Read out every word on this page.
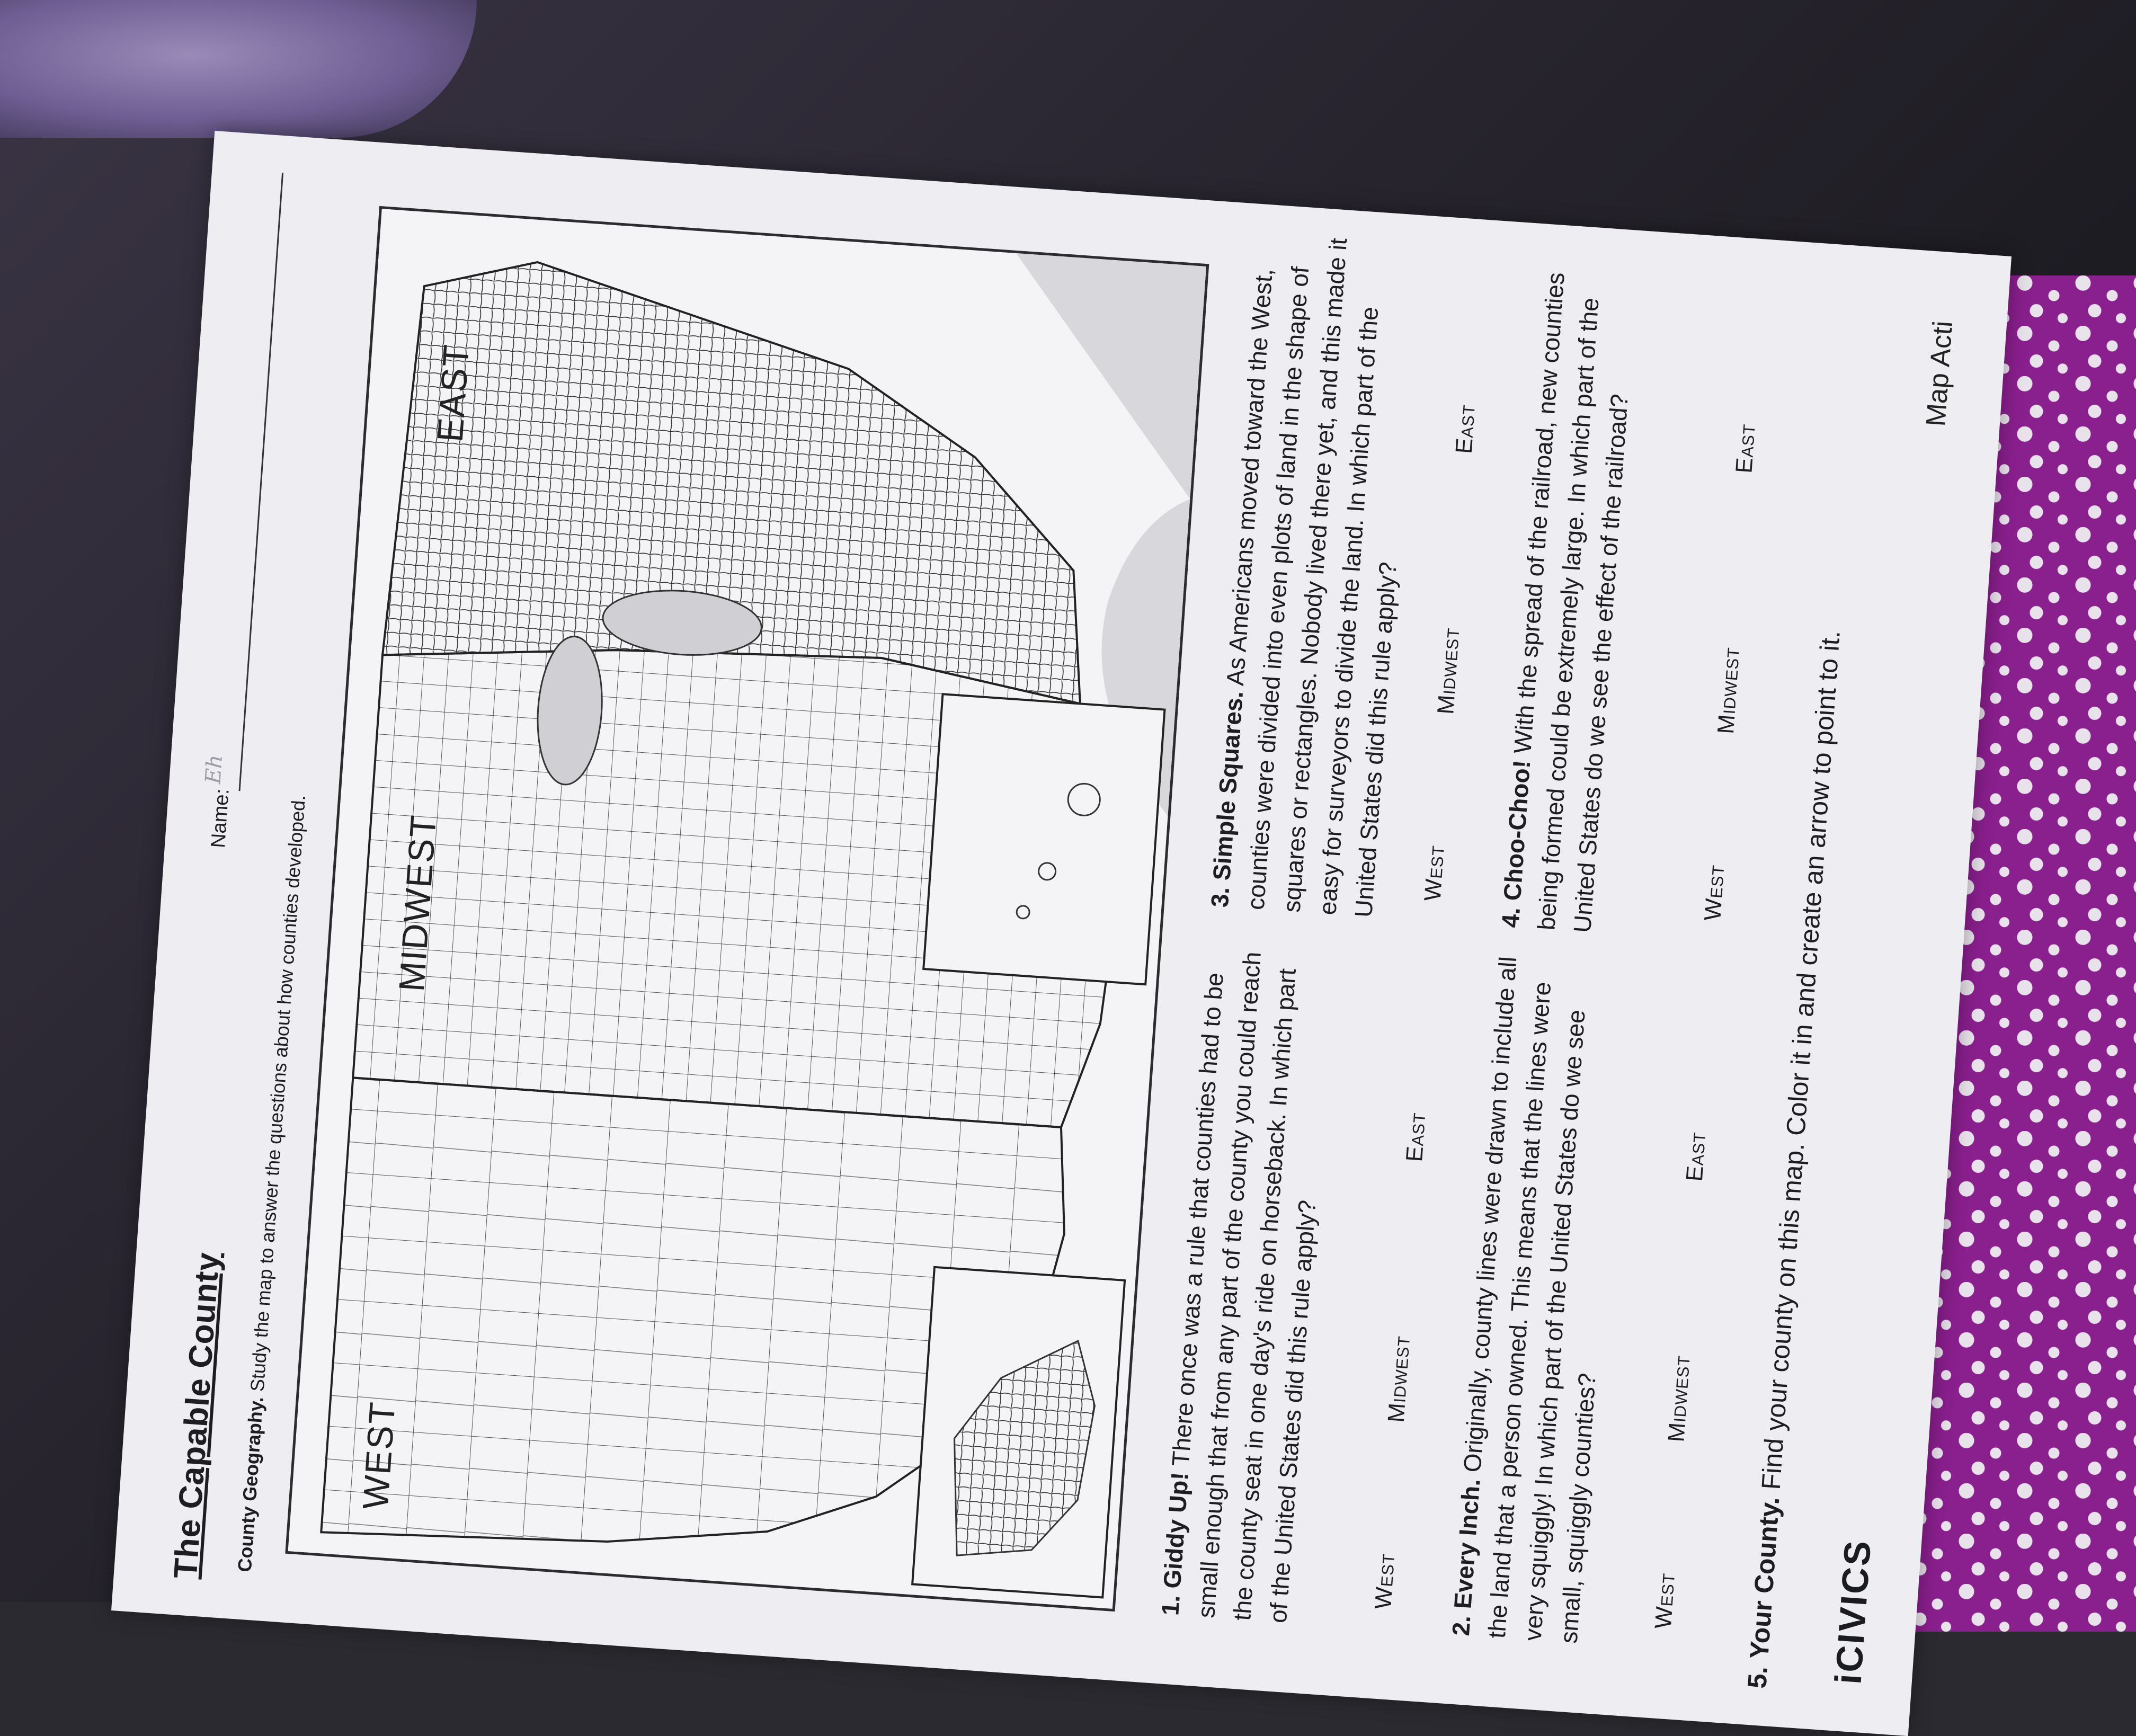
The Capable County
Name:
Eh
County Geography. Study the map to answer the questions about how counties developed.
WEST
MIDWEST
EAST
1. Giddy Up! There once was a rule that counties had to be small enough that from any part of the county you could reach the county seat in one day's ride on horseback. In which part of the United States did this rule apply?	West Midwest East
2. Every Inch. Originally, county lines were drawn to include all the land that a person owned. This means that the lines were very squiggly! In which part of the United States do we see small, squiggly counties?	West Midwest East
3. Simple Squares. As Americans moved toward the West, counties were divided into even plots of land in the shape of squares or rectangles. Nobody lived there yet, and this made it easy for surveyors to divide the land. In which part of the United States did this rule apply? West Midwest East
4. Choo-Choo! With the spread of the railroad, new counties being formed could be extremely large. In which part of the United States do we see the effect of the railroad?	West Midwest East
5. Your County. Find your county on this map. Color it in and create an arrow to point to it.
iCIVICS
Map Acti
